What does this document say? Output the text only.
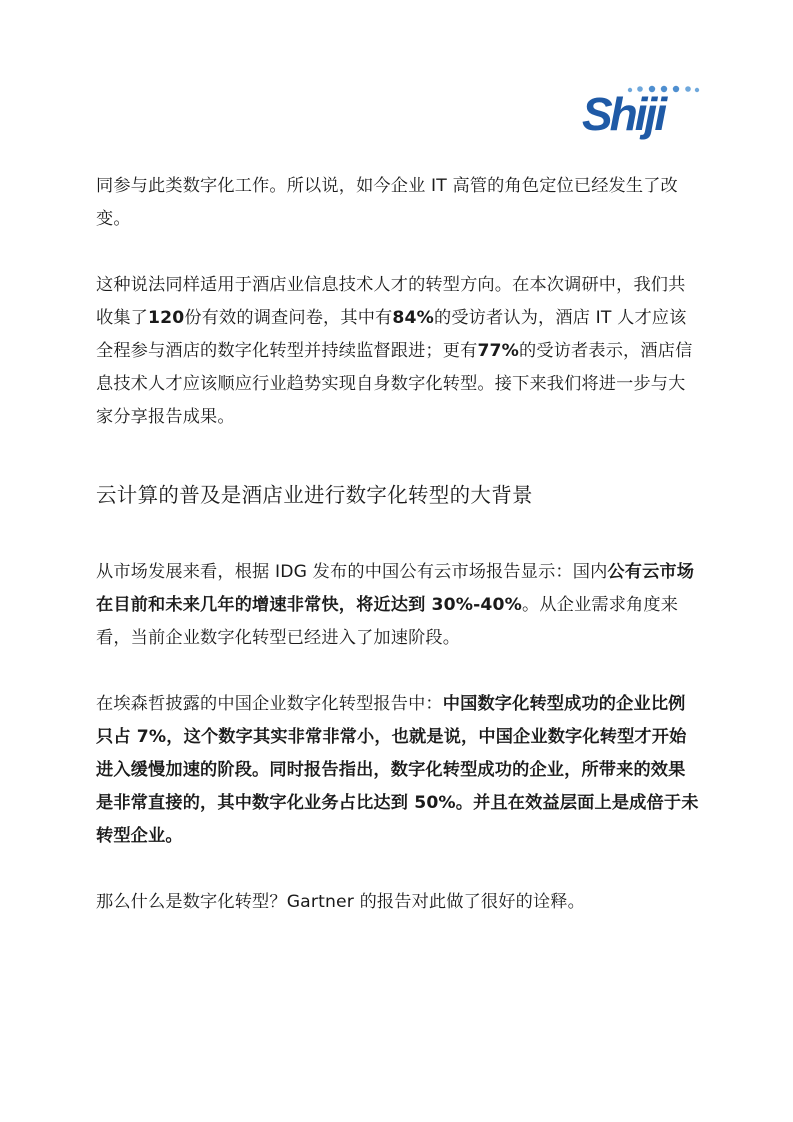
Shiji

同参与此类数字化工作。所以说，如今企业 IT 高管的角色定位已经发生了改变。

这种说法同样适用于酒店业信息技术人才的转型方向。在本次调研中，我们共收集了120份有效的调查问卷，其中有84%的受访者认为，酒店 IT 人才应该全程参与酒店的数字化转型并持续监督跟进；更有77%的受访者表示，酒店信息技术人才应该顺应行业趋势实现自身数字化转型。接下来我们将进一步与大家分享报告成果。

云计算的普及是酒店业进行数字化转型的大背景

从市场发展来看，根据 IDG 发布的中国公有云市场报告显示：国内公有云市场在目前和未来几年的增速非常快，将近达到 30%-40%。从企业需求角度来看，当前企业数字化转型已经进入了加速阶段。

在埃森哲披露的中国企业数字化转型报告中：中国数字化转型成功的企业比例只占 7%，这个数字其实非常非常小，也就是说，中国企业数字化转型才开始进入缓慢加速的阶段。同时报告指出，数字化转型成功的企业，所带来的效果是非常直接的，其中数字化业务占比达到 50%。并且在效益层面上是成倍于未转型企业。

那么什么是数字化转型？Gartner 的报告对此做了很好的诠释。
